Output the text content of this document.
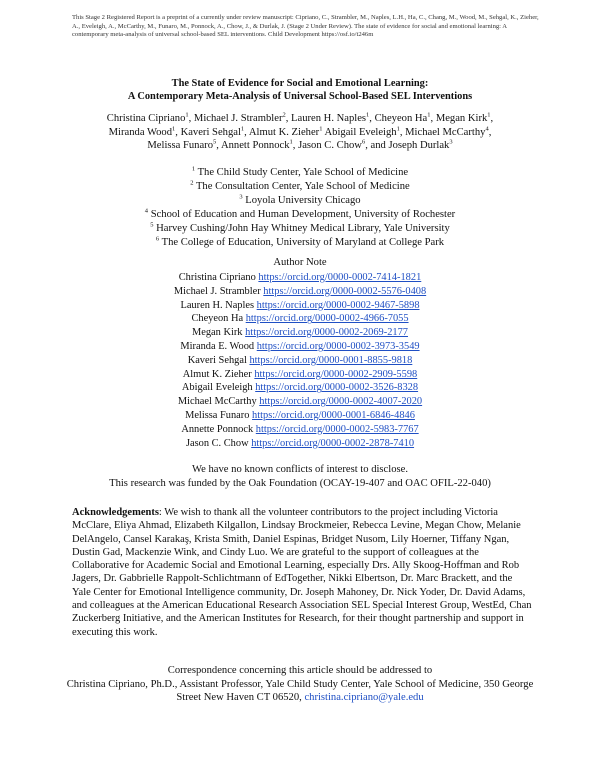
This Stage 2 Registered Report is a preprint of a currently under review manuscript: Cipriano, C., Strambler, M., Naples, L.H., Ha, C., Chang, M., Wood, M., Sehgal, K., Zieher, A., Eveleigh, A., McCarthy, M., Funaro, M., Ponnock, A., Chow, J., & Durlak, J. (Stage 2 Under Review). The state of evidence for social and emotional learning: A contemporary meta-analysis of universal school-based SEL interventions. Child Development https://osf.io/t246m
The State of Evidence for Social and Emotional Learning:
A Contemporary Meta-Analysis of Universal School-Based SEL Interventions
Christina Cipriano$^1$, Michael J. Strambler$^2$, Lauren H. Naples$^1$, Cheyeon Ha$^1$, Megan Kirk$^1$,
Miranda Wood$^1$, Kaveri Sehgal$^1$, Almut K. Zieher$^1$ Abigail Eveleigh$^1$, Michael McCarthy$^4$,
Melissa Funaro$^5$, Annett Ponnock$^1$, Jason C. Chow$^6$, and Joseph Durlak$^3$
$^1$ The Child Study Center, Yale School of Medicine
$^2$ The Consultation Center, Yale School of Medicine
$^3$ Loyola University Chicago
$^4$ School of Education and Human Development, University of Rochester
$^5$ Harvey Cushing/John Hay Whitney Medical Library, Yale University
$^6$ The College of Education, University of Maryland at College Park
Author Note
Christina Cipriano https://orcid.org/0000-0002-7414-1821
Michael J. Strambler https://orcid.org/0000-0002-5576-0408
Lauren H. Naples https://orcid.org/0000-0002-9467-5898
Cheyeon Ha https://orcid.org/0000-0002-4966-7055
Megan Kirk https://orcid.org/0000-0002-2069-2177
Miranda E. Wood https://orcid.org/0000-0002-3973-3549
Kaveri Sehgal https://orcid.org/0000-0001-8855-9818
Almut K. Zieher https://orcid.org/0000-0002-2909-5598
Abigail Eveleigh https://orcid.org/0000-0002-3526-8328
Michael McCarthy https://orcid.org/0000-0002-4007-2020
Melissa Funaro https://orcid.org/0000-0001-6846-4846
Annette Ponnock https://orcid.org/0000-0002-5983-7767
Jason C. Chow https://orcid.org/0000-0002-2878-7410
We have no known conflicts of interest to disclose.
This research was funded by the Oak Foundation (OCAY-19-407 and OAC OFIL-22-040)
Acknowledgements: We wish to thank all the volunteer contributors to the project including Victoria McClare, Eliya Ahmad, Elizabeth Kilgallon, Lindsay Brockmeier, Rebecca Levine, Megan Chow, Melanie DelAngelo, Cansel Karakaş, Krista Smith, Daniel Espinas, Bridget Nusom, Lily Hoerner, Tiffany Ngan, Dustin Gad, Mackenzie Wink, and Cindy Luo. We are grateful to the support of colleagues at the Collaborative for Academic Social and Emotional Learning, especially Drs. Ally Skoog-Hoffman and Rob Jagers, Dr. Gabbrielle Rappolt-Schlichtmann of EdTogether, Nikki Elbertson, Dr. Marc Brackett, and the Yale Center for Emotional Intelligence community, Dr. Joseph Mahoney, Dr. Nick Yoder, Dr. David Adams, and colleagues at the American Educational Research Association SEL Special Interest Group, WestEd, Chan Zuckerberg Initiative, and the American Institutes for Research, for their thought partnership and support in executing this work.
Correspondence concerning this article should be addressed to
Christina Cipriano, Ph.D., Assistant Professor, Yale Child Study Center, Yale School of Medicine, 350 George Street New Haven CT 06520, christina.cipriano@yale.edu
